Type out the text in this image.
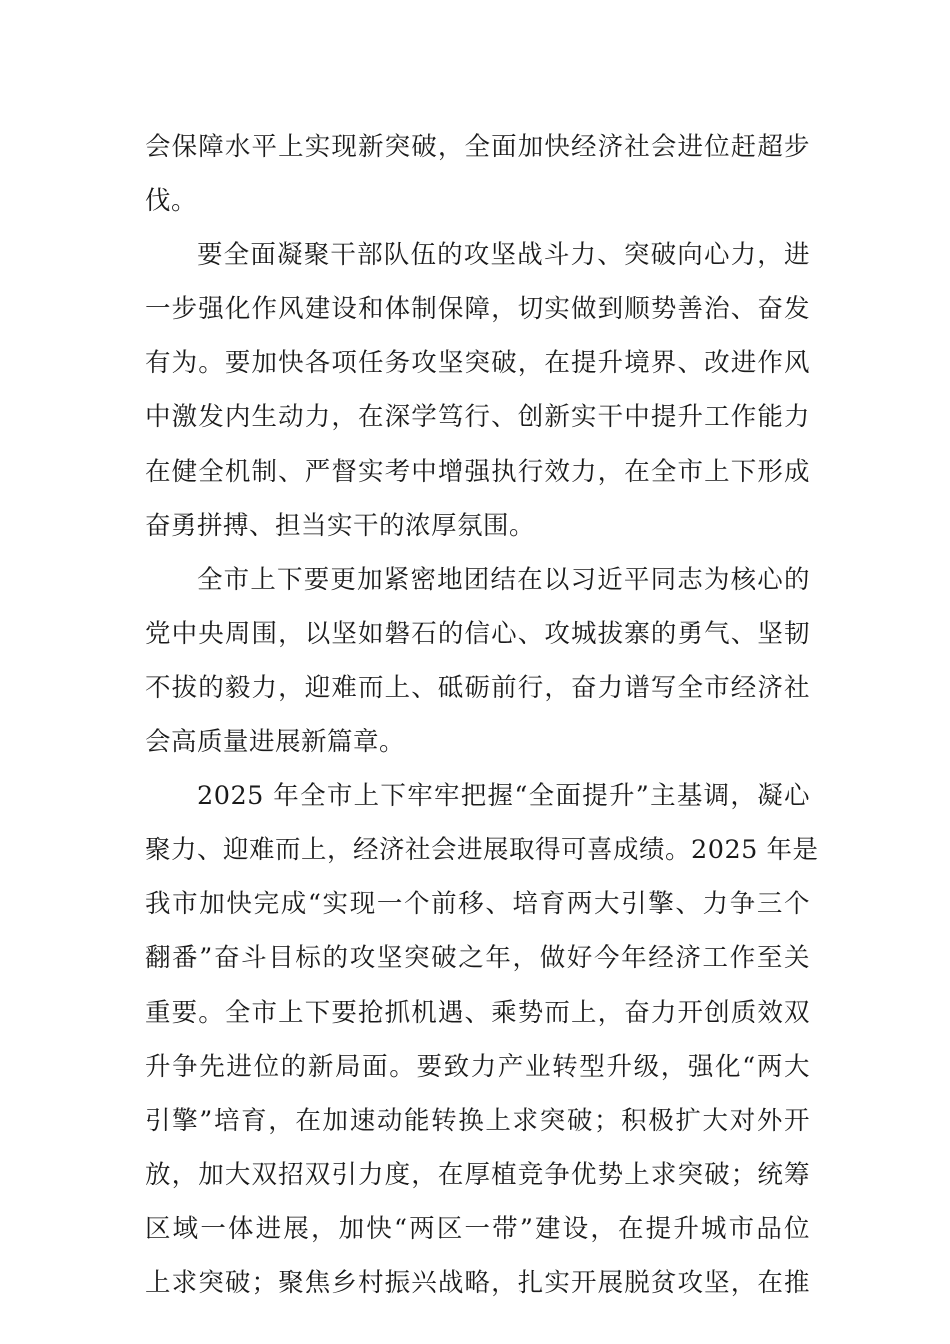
会保障水平上实现新突破，全面加快经济社会进位赶超步
伐。
要全面凝聚干部队伍的攻坚战斗力、突破向心力，进
一步强化作风建设和体制保障，切实做到顺势善治、奋发
有为。要加快各项任务攻坚突破，在提升境界、改进作风
中激发内生动力，在深学笃行、创新实干中提升工作能力
在健全机制、严督实考中增强执行效力，在全市上下形成
奋勇拼搏、担当实干的浓厚氛围。
全市上下要更加紧密地团结在以习近平同志为核心的
党中央周围，以坚如磐石的信心、攻城拔寨的勇气、坚韧
不拔的毅力，迎难而上、砥砺前行，奋力谱写全市经济社
会高质量进展新篇章。
2025 年全市上下牢牢把握“全面提升”主基调，凝心
聚力、迎难而上，经济社会进展取得可喜成绩。2025 年是
我市加快完成“实现一个前移、培育两大引擎、力争三个
翻番”奋斗目标的攻坚突破之年，做好今年经济工作至关
重要。全市上下要抢抓机遇、乘势而上，奋力开创质效双
升争先进位的新局面。要致力产业转型升级，强化“两大
引擎”培育，在加速动能转换上求突破；积极扩大对外开
放，加大双招双引力度，在厚植竞争优势上求突破；统筹
区域一体进展，加快“两区一带”建设，在提升城市品位
上求突破；聚焦乡村振兴战略，扎实开展脱贫攻坚，在推
